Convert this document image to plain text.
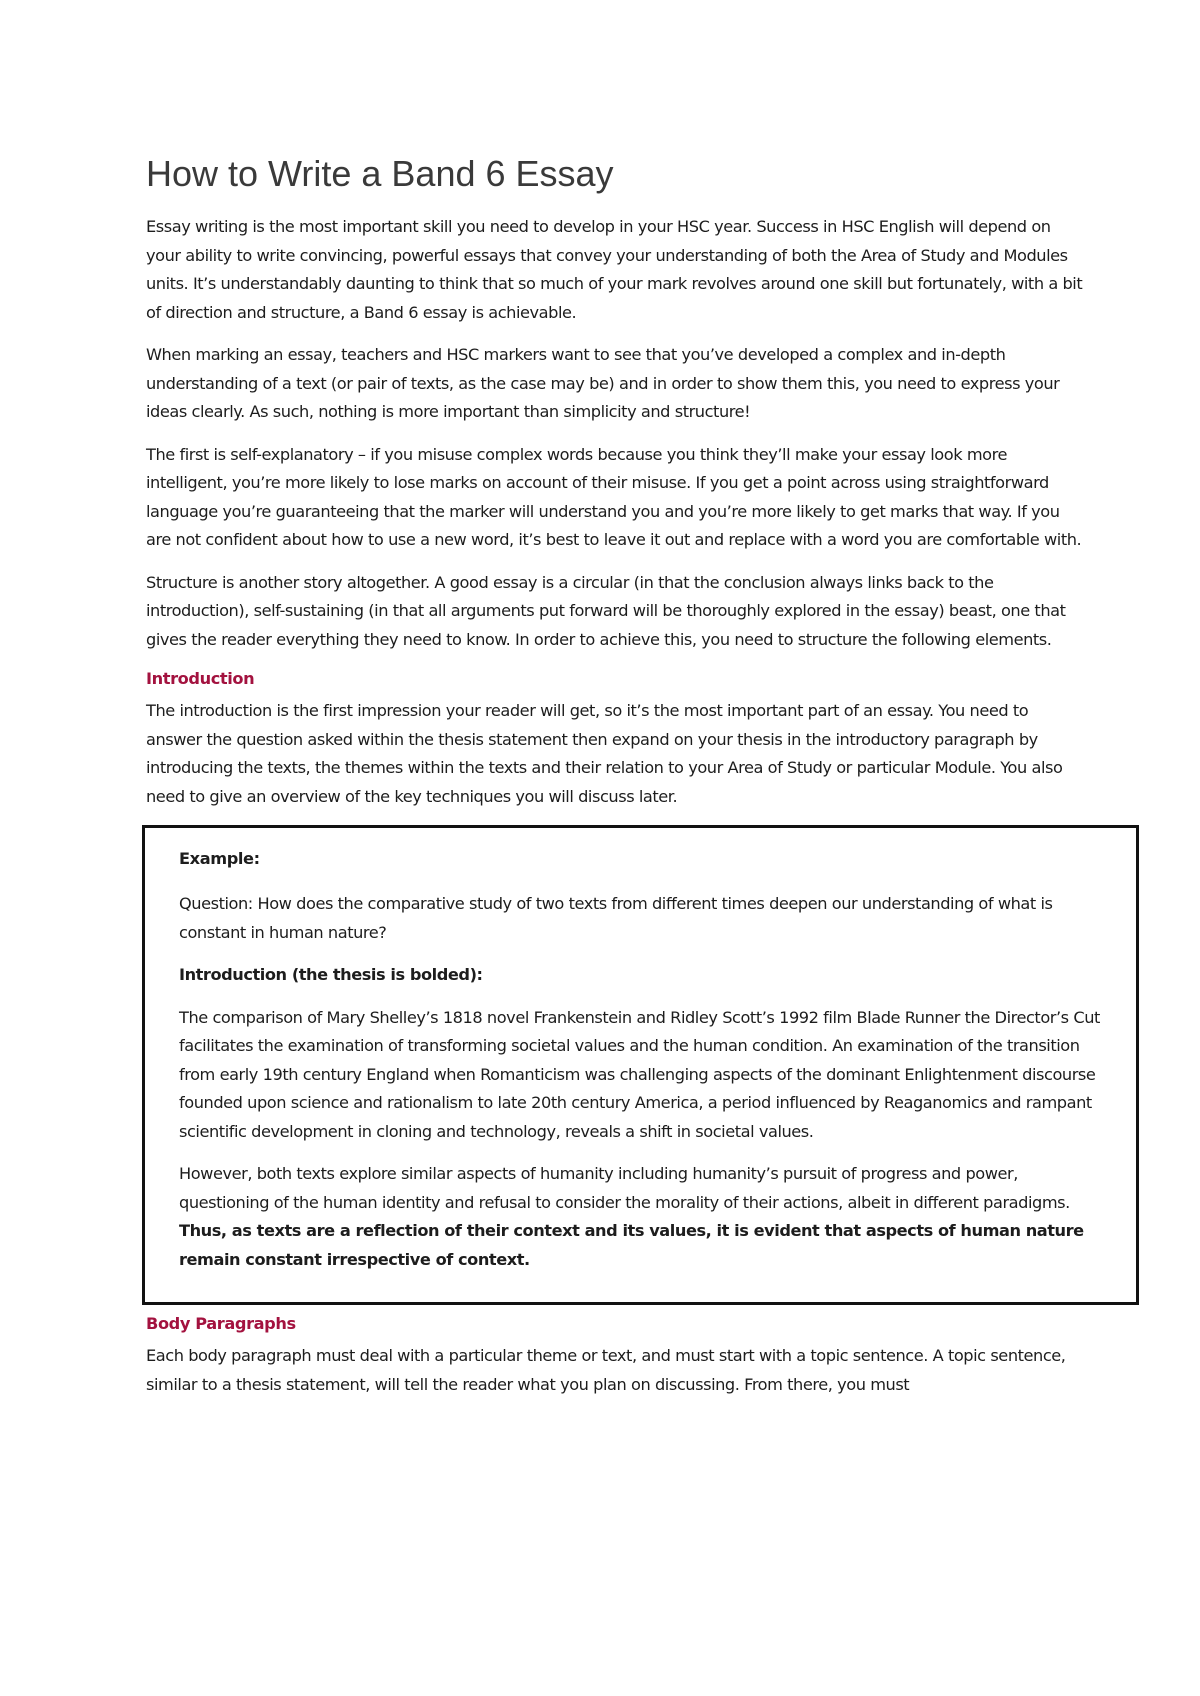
How to Write a Band 6 Essay

Essay writing is the most important skill you need to develop in your HSC year. Success in HSC English will depend on your ability to write convincing, powerful essays that convey your understanding of both the Area of Study and Modules units. It’s understandably daunting to think that so much of your mark revolves around one skill but fortunately, with a bit of direction and structure, a Band 6 essay is achievable.

When marking an essay, teachers and HSC markers want to see that you’ve developed a complex and in-depth understanding of a text (or pair of texts, as the case may be) and in order to show them this, you need to express your ideas clearly. As such, nothing is more important than simplicity and structure!

The first is self-explanatory – if you misuse complex words because you think they’ll make your essay look more intelligent, you’re more likely to lose marks on account of their misuse. If you get a point across using straightforward language you’re guaranteeing that the marker will understand you and you’re more likely to get marks that way. If you are not confident about how to use a new word, it’s best to leave it out and replace with a word you are comfortable with.

Structure is another story altogether. A good essay is a circular (in that the conclusion always links back to the introduction), self-sustaining (in that all arguments put forward will be thoroughly explored in the essay) beast, one that gives the reader everything they need to know. In order to achieve this, you need to structure the following elements.

Introduction

The introduction is the first impression your reader will get, so it’s the most important part of an essay. You need to answer the question asked within the thesis statement then expand on your thesis in the introductory paragraph by introducing the texts, the themes within the texts and their relation to your Area of Study or particular Module. You also need to give an overview of the key techniques you will discuss later.

Example:

Question: How does the comparative study of two texts from different times deepen our understanding of what is constant in human nature?

Introduction (the thesis is bolded):

The comparison of Mary Shelley’s 1818 novel Frankenstein and Ridley Scott’s 1992 film Blade Runner the Director’s Cut facilitates the examination of transforming societal values and the human condition. An examination of the transition from early 19th century England when Romanticism was challenging aspects of the dominant Enlightenment discourse founded upon science and rationalism to late 20th century America, a period influenced by Reaganomics and rampant scientific development in cloning and technology, reveals a shift in societal values.

However, both texts explore similar aspects of humanity including humanity’s pursuit of progress and power, questioning of the human identity and refusal to consider the morality of their actions, albeit in different paradigms. Thus, as texts are a reflection of their context and its values, it is evident that aspects of human nature remain constant irrespective of context.

Body Paragraphs

Each body paragraph must deal with a particular theme or text, and must start with a topic sentence. A topic sentence, similar to a thesis statement, will tell the reader what you plan on discussing. From there, you must
